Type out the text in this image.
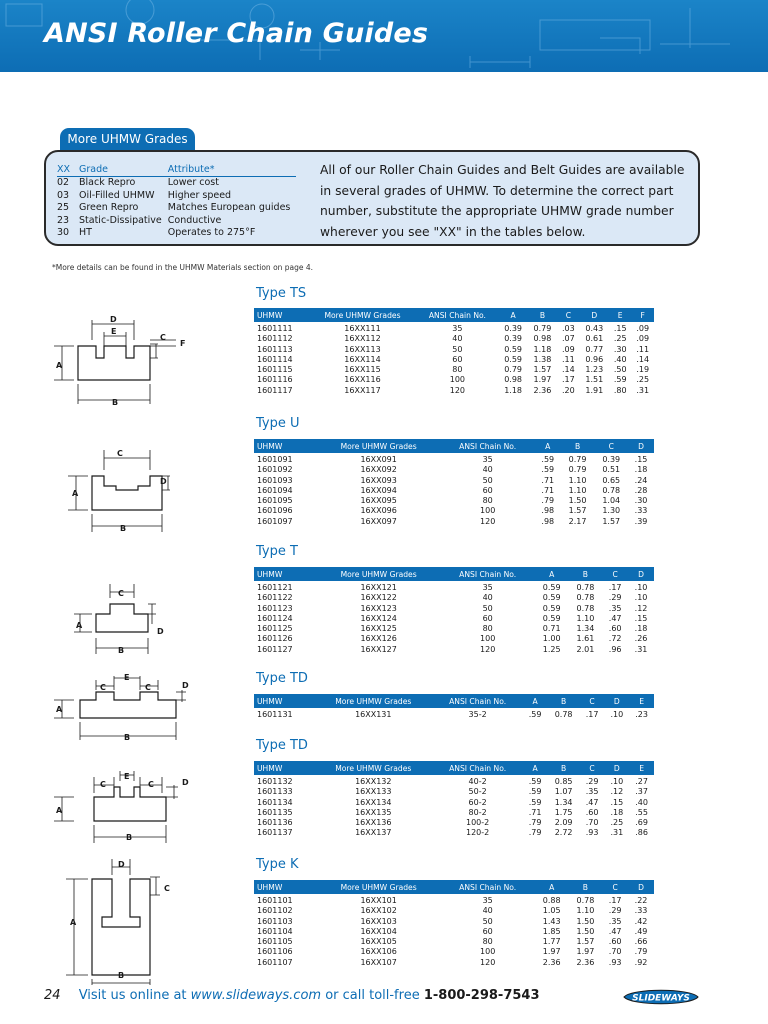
ANSI Roller Chain Guides
More UHMW Grades
XX	Grade	Attribute*
02	Black Repro	Lower cost
03	Oil-Filled UHMW	Higher speed
25	Green Repro	Matches European guides
23	Static-Dissipative	Conductive
30	HT	Operates to 275°F
All of our Roller Chain Guides and Belt Guides are available in several grades of UHMW. To determine the correct part number, substitute the appropriate UHMW grade number wherever you see "XX" in the tables below.
*More details can be found in the UHMW Materials section on page 4.
Type TS
UHMW	More UHMW Grades	ANSI Chain No.	A	B	C	D	E	F
1601111	16XX111	35	0.39	0.79	.03	0.43	.15	.09
1601112	16XX112	40	0.39	0.98	.07	0.61	.25	.09
1601113	16XX113	50	0.59	1.18	.09	0.77	.30	.11
1601114	16XX114	60	0.59	1.38	.11	0.96	.40	.14
1601115	16XX115	80	0.79	1.57	.14	1.23	.50	.19
1601116	16XX116	100	0.98	1.97	.17	1.51	.59	.25
1601117	16XX117	120	1.18	2.36	.20	1.91	.80	.31
Type U
UHMW	More UHMW Grades	ANSI Chain No.	A	B	C	D
1601091	16XX091	35	.59	0.79	0.39	.15
1601092	16XX092	40	.59	0.79	0.51	.18
1601093	16XX093	50	.71	1.10	0.65	.24
1601094	16XX094	60	.71	1.10	0.78	.28
1601095	16XX095	80	.79	1.50	1.04	.30
1601096	16XX096	100	.98	1.57	1.30	.33
1601097	16XX097	120	.98	2.17	1.57	.39
Type T
UHMW	More UHMW Grades	ANSI Chain No.	A	B	C	D
1601121	16XX121	35	0.59	0.78	.17	.10
1601122	16XX122	40	0.59	0.78	.29	.10
1601123	16XX123	50	0.59	0.78	.35	.12
1601124	16XX124	60	0.59	1.10	.47	.15
1601125	16XX125	80	0.71	1.34	.60	.18
1601126	16XX126	100	1.00	1.61	.72	.26
1601127	16XX127	120	1.25	2.01	.96	.31
Type TD
UHMW	More UHMW Grades	ANSI Chain No.	A	B	C	D	E
1601131	16XX131	35-2	.59	0.78	.17	.10	.23
Type TD
UHMW	More UHMW Grades	ANSI Chain No.	A	B	C	D	E
1601132	16XX132	40-2	.59	0.85	.29	.10	.27
1601133	16XX133	50-2	.59	1.07	.35	.12	.37
1601134	16XX134	60-2	.59	1.34	.47	.15	.40
1601135	16XX135	80-2	.71	1.75	.60	.18	.55
1601136	16XX136	100-2	.79	2.09	.70	.25	.69
1601137	16XX137	120-2	.79	2.72	.93	.31	.86
Type K
UHMW	More UHMW Grades	ANSI Chain No.	A	B	C	D
1601101	16XX101	35	0.88	0.78	.17	.22
1601102	16XX102	40	1.05	1.10	.29	.33
1601103	16XX103	50	1.43	1.50	.35	.42
1601104	16XX104	60	1.85	1.50	.47	.49
1601105	16XX105	80	1.77	1.57	.60	.66
1601106	16XX106	100	1.97	1.97	.70	.79
1601107	16XX107	120	2.36	2.36	.93	.92
D
E
C
F
A
B
C
D
A
B
C
A
D
B
C
E
C	D
A
B
C
E
C	D
A
B
D
C
A
B
24 Visit us online at www.slideways.com or call toll-free 1-800-298-7543	SLIDEWAYS
